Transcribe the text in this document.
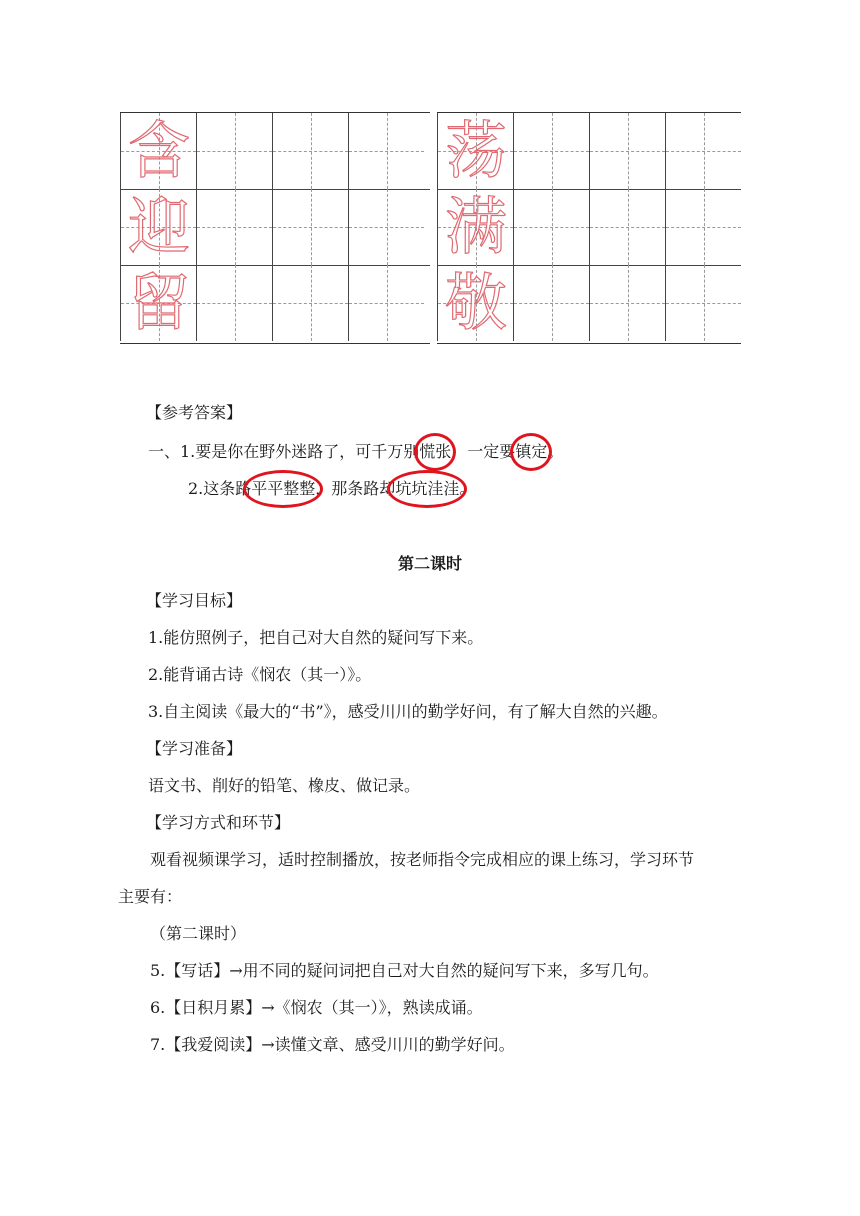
含
迎
留
荡
满
敬
【参考答案】
一、1.要是你在野外迷路了，可千万别慌张，一定要镇定。
2.这条路平平整整，那条路却坑坑洼洼。
第二课时
【学习目标】
1.能仿照例子，把自己对大自然的疑问写下来。
2.能背诵古诗《悯农（其一）》。
3.自主阅读《最大的“书”》，感受川川的勤学好问，有了解大自然的兴趣。
【学习准备】
语文书、削好的铅笔、橡皮、做记录。
【学习方式和环节】
观看视频课学习，适时控制播放，按老师指令完成相应的课上练习，学习环节
主要有：
（第二课时）
5.【写话】→用不同的疑问词把自己对大自然的疑问写下来，多写几句。
6.【日积月累】→《悯农（其一）》，熟读成诵。
7.【我爱阅读】→读懂文章、感受川川的勤学好问。
